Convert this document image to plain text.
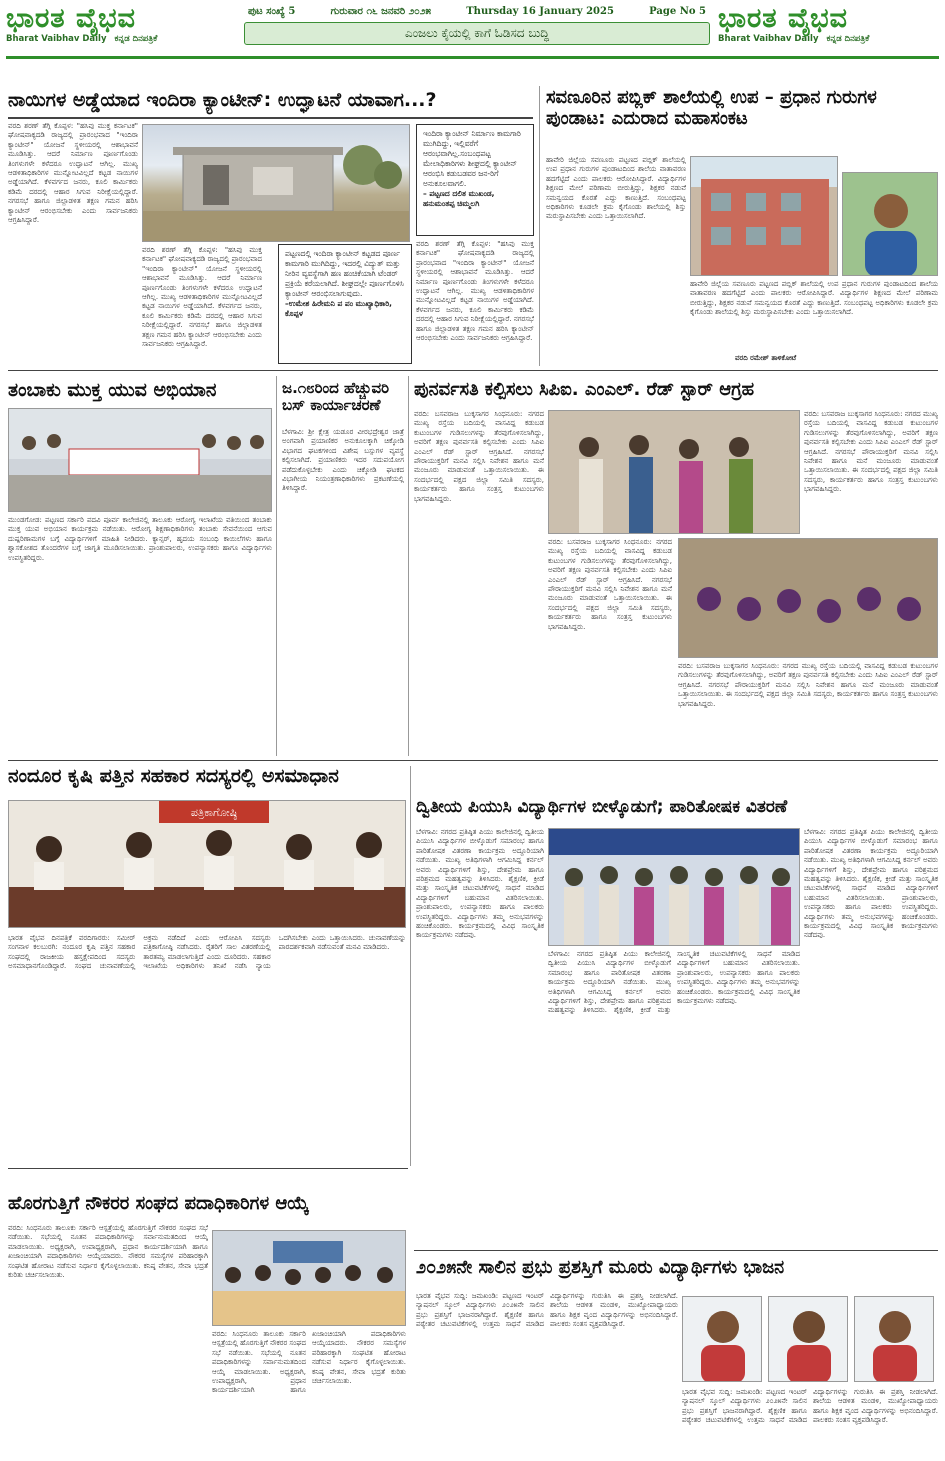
ಭಾರತ ವೈಭವ
Bharat Vaibhav Daily ಕನ್ನಡ ದಿನಪತ್ರಿಕೆ
ಪುಟ ಸಂಖ್ಯೆ 5	ಗುರುವಾರ ೧೬ ಜನವರಿ ೨೦೨೫	Thursday 16 January 2025	Page No 5
ಎಂಜಲು ಕೈಯಲ್ಲಿ ಕಾಗೆ ಓಡಿಸದ ಬುದ್ಧಿ	ಭಾರತ ವೈಭವ
Bharat Vaibhav Daily ಕನ್ನಡ ದಿನಪತ್ರಿಕೆ
ನಾಯಿಗಳ ಅಡ್ಡೆಯಾದ ಇಂದಿರಾ ಕ್ಯಾಂಟೀನ್: ಉದ್ಘಾಟನೆ ಯಾವಾಗ...?
ವರದಿ ಶರಣ್ ತೆಗ್ಗಿ ಕೊಪ್ಪಳ: "ಹಸಿವು ಮುಕ್ತ ಕರ್ನಾಟಕ" ಘೋಷವಾಕ್ಯದಡಿ ರಾಜ್ಯದಲ್ಲಿ ಪ್ರಾರಂಭವಾದ "ಇಂದಿರಾ ಕ್ಯಾಂಟೀನ್" ಯೋಜನೆ ಸ್ಥಳೀಯರಲ್ಲಿ ಆಶಾಭಾವನೆ ಮೂಡಿಸಿತ್ತು. ಆದರೆ ನಿರ್ಮಾಣ ಪೂರ್ಣಗೊಂಡು ತಿಂಗಳುಗಳೇ ಕಳೆದರೂ ಉದ್ಘಾಟನೆ ಆಗಿಲ್ಲ. ಮುಖ್ಯ ಆಡಳಿತಾಧಿಕಾರಿಗಳ ಮುನ್ನೋಟವಿಲ್ಲದೆ ಕಟ್ಟಡ ನಾಯಿಗಳ ಅಡ್ಡೆಯಾಗಿದೆ. ಕೆಳವರ್ಗದ ಜನರು, ಕೂಲಿ ಕಾರ್ಮಿಕರು ಕಡಿಮೆ ದರದಲ್ಲಿ ಆಹಾರ ಸಿಗುವ ನಿರೀಕ್ಷೆಯಲ್ಲಿದ್ದಾರೆ. ನಗರಸಭೆ ಹಾಗೂ ಜಿಲ್ಲಾಡಳಿತ ತಕ್ಷಣ ಗಮನ ಹರಿಸಿ ಕ್ಯಾಂಟೀನ್ ಆರಂಭಿಸಬೇಕು ಎಂದು ಸಾರ್ವಜನಿಕರು ಆಗ್ರಹಿಸಿದ್ದಾರೆ.
ವರದಿ ಶರಣ್ ತೆಗ್ಗಿ ಕೊಪ್ಪಳ: "ಹಸಿವು ಮುಕ್ತ ಕರ್ನಾಟಕ" ಘೋಷವಾಕ್ಯದಡಿ ರಾಜ್ಯದಲ್ಲಿ ಪ್ರಾರಂಭವಾದ "ಇಂದಿರಾ ಕ್ಯಾಂಟೀನ್" ಯೋಜನೆ ಸ್ಥಳೀಯರಲ್ಲಿ ಆಶಾಭಾವನೆ ಮೂಡಿಸಿತ್ತು. ಆದರೆ ನಿರ್ಮಾಣ ಪೂರ್ಣಗೊಂಡು ತಿಂಗಳುಗಳೇ ಕಳೆದರೂ ಉದ್ಘಾಟನೆ ಆಗಿಲ್ಲ. ಮುಖ್ಯ ಆಡಳಿತಾಧಿಕಾರಿಗಳ ಮುನ್ನೋಟವಿಲ್ಲದೆ ಕಟ್ಟಡ ನಾಯಿಗಳ ಅಡ್ಡೆಯಾಗಿದೆ. ಕೆಳವರ್ಗದ ಜನರು, ಕೂಲಿ ಕಾರ್ಮಿಕರು ಕಡಿಮೆ ದರದಲ್ಲಿ ಆಹಾರ ಸಿಗುವ ನಿರೀಕ್ಷೆಯಲ್ಲಿದ್ದಾರೆ. ನಗರಸಭೆ ಹಾಗೂ ಜಿಲ್ಲಾಡಳಿತ ತಕ್ಷಣ ಗಮನ ಹರಿಸಿ ಕ್ಯಾಂಟೀನ್ ಆರಂಭಿಸಬೇಕು ಎಂದು ಸಾರ್ವಜನಿಕರು ಆಗ್ರಹಿಸಿದ್ದಾರೆ.
ಇಂದಿರಾ ಕ್ಯಾಂಟೀನ್ ನಿರ್ಮಾಣ ಕಾಮಗಾರಿ ಮುಗಿದಿದ್ದು, ಇಲ್ಲಿವರೆಗೆ ಆರಂಭವಾಗಿಲ್ಲ.ಸಂಬಂಧಪಟ್ಟ ಮೇಲಾಧಿಕಾರಿಗಳು ಶೀಘ್ರದಲ್ಲಿ ಕ್ಯಾಂಟೀನ್ ಆರಂಭಿಸಿ ಕಡುಬಡವರ ಜನ-ರಿಗೆ ಅನುಕೂಲವಾಗಲಿ.
– ಪಟ್ಟಣದ ದಲಿತ ಮುಖಂಡ, ಹನುಮಂತಪ್ಪ ಚಿಮ್ಮಲಗಿ
ಪಟ್ಟಣದಲ್ಲಿ ಇಂದಿರಾ ಕ್ಯಾಂಟೀನ್ ಕಟ್ಟಡದ ಪೂರ್ಣ ಕಾಮಗಾರಿ ಮುಗಿದಿದ್ದು, ಇದರಲ್ಲಿ ವಿದ್ಯುತ್ ಮತ್ತು ನೀರಿನ ವ್ಯವಸ್ಥೆಗಾಗಿ ಹಣ ಹಂಚಿಕೆಯಾಗಿ ಟೆಂಡರ್ ಪ್ರಕ್ರಿಯೆ ಕರೆಯಲಾಗಿದೆ. ಶೀಘ್ರದಲ್ಲೇ ಪೂರ್ಣಗೊಳಿಸಿ ಕ್ಯಾಂಟೀನ್ ಆರಂಭಿಸಲಾಗುವುದು.
–ಉಮೇಶ ಹಿರೇಮನಿ ಪ ಪಂ ಮುಖ್ಯಾಧಿಕಾರಿ, ಕೊಪ್ಪಳ
ವರದಿ ಶರಣ್ ತೆಗ್ಗಿ ಕೊಪ್ಪಳ: "ಹಸಿವು ಮುಕ್ತ ಕರ್ನಾಟಕ" ಘೋಷವಾಕ್ಯದಡಿ ರಾಜ್ಯದಲ್ಲಿ ಪ್ರಾರಂಭವಾದ "ಇಂದಿರಾ ಕ್ಯಾಂಟೀನ್" ಯೋಜನೆ ಸ್ಥಳೀಯರಲ್ಲಿ ಆಶಾಭಾವನೆ ಮೂಡಿಸಿತ್ತು. ಆದರೆ ನಿರ್ಮಾಣ ಪೂರ್ಣಗೊಂಡು ತಿಂಗಳುಗಳೇ ಕಳೆದರೂ ಉದ್ಘಾಟನೆ ಆಗಿಲ್ಲ. ಮುಖ್ಯ ಆಡಳಿತಾಧಿಕಾರಿಗಳ ಮುನ್ನೋಟವಿಲ್ಲದೆ ಕಟ್ಟಡ ನಾಯಿಗಳ ಅಡ್ಡೆಯಾಗಿದೆ. ಕೆಳವರ್ಗದ ಜನರು, ಕೂಲಿ ಕಾರ್ಮಿಕರು ಕಡಿಮೆ ದರದಲ್ಲಿ ಆಹಾರ ಸಿಗುವ ನಿರೀಕ್ಷೆಯಲ್ಲಿದ್ದಾರೆ. ನಗರಸಭೆ ಹಾಗೂ ಜಿಲ್ಲಾಡಳಿತ ತಕ್ಷಣ ಗಮನ ಹರಿಸಿ ಕ್ಯಾಂಟೀನ್ ಆರಂಭಿಸಬೇಕು ಎಂದು ಸಾರ್ವಜನಿಕರು ಆಗ್ರಹಿಸಿದ್ದಾರೆ.
ಸವಣೂರಿನ ಪಬ್ಲಿಕ್ ಶಾಲೆಯಲ್ಲಿ ಉಪ – ಪ್ರಧಾನ ಗುರುಗಳ ಪುಂಡಾಟ: ಎದುರಾದ ಮಹಾಸಂಕಟ
ಹಾವೇರಿ ಜಿಲ್ಲೆಯ ಸವಣೂರು ಪಟ್ಟಣದ ಪಬ್ಲಿಕ್ ಶಾಲೆಯಲ್ಲಿ ಉಪ ಪ್ರಧಾನ ಗುರುಗಳ ಪುಂಡಾಟದಿಂದ ಶಾಲೆಯ ವಾತಾವರಣ ಹದಗೆಟ್ಟಿದೆ ಎಂದು ಪಾಲಕರು ಆರೋಪಿಸಿದ್ದಾರೆ. ವಿದ್ಯಾರ್ಥಿಗಳ ಶಿಕ್ಷಣದ ಮೇಲೆ ಪರಿಣಾಮ ಬೀರುತ್ತಿದ್ದು, ಶಿಕ್ಷಕರ ನಡುವೆ ಸಮನ್ವಯದ ಕೊರತೆ ಎದ್ದು ಕಾಣುತ್ತಿದೆ. ಸಂಬಂಧಪಟ್ಟ ಅಧಿಕಾರಿಗಳು ಕೂಡಲೇ ಕ್ರಮ ಕೈಗೊಂಡು ಶಾಲೆಯಲ್ಲಿ ಶಿಸ್ತು ಮರುಸ್ಥಾಪಿಸಬೇಕು ಎಂದು ಒತ್ತಾಯಿಸಲಾಗಿದೆ.
ಹಾವೇರಿ ಜಿಲ್ಲೆಯ ಸವಣೂರು ಪಟ್ಟಣದ ಪಬ್ಲಿಕ್ ಶಾಲೆಯಲ್ಲಿ ಉಪ ಪ್ರಧಾನ ಗುರುಗಳ ಪುಂಡಾಟದಿಂದ ಶಾಲೆಯ ವಾತಾವರಣ ಹದಗೆಟ್ಟಿದೆ ಎಂದು ಪಾಲಕರು ಆರೋಪಿಸಿದ್ದಾರೆ. ವಿದ್ಯಾರ್ಥಿಗಳ ಶಿಕ್ಷಣದ ಮೇಲೆ ಪರಿಣಾಮ ಬೀರುತ್ತಿದ್ದು, ಶಿಕ್ಷಕರ ನಡುವೆ ಸಮನ್ವಯದ ಕೊರತೆ ಎದ್ದು ಕಾಣುತ್ತಿದೆ. ಸಂಬಂಧಪಟ್ಟ ಅಧಿಕಾರಿಗಳು ಕೂಡಲೇ ಕ್ರಮ ಕೈಗೊಂಡು ಶಾಲೆಯಲ್ಲಿ ಶಿಸ್ತು ಮರುಸ್ಥಾಪಿಸಬೇಕು ಎಂದು ಒತ್ತಾಯಿಸಲಾಗಿದೆ.
ವರದಿ ರಮೇಶ್ ತಾಳಿಕೋಟೆ
ತಂಬಾಕು ಮುಕ್ತ ಯುವ ಅಭಿಯಾನ
ಮುಂಡಗೋಡ: ಪಟ್ಟಣದ ಸರ್ಕಾರಿ ಪದವಿ ಪೂರ್ವ ಕಾಲೇಜಿನಲ್ಲಿ ತಾಲೂಕು ಆರೋಗ್ಯ ಇಲಾಖೆಯ ವತಿಯಿಂದ ತಂಬಾಕು ಮುಕ್ತ ಯುವ ಅಭಿಯಾನ ಕಾರ್ಯಕ್ರಮ ನಡೆಯಿತು. ಆರೋಗ್ಯ ಶಿಕ್ಷಣಾಧಿಕಾರಿಗಳು ತಂಬಾಕು ಸೇವನೆಯಿಂದ ಆಗುವ ದುಷ್ಪರಿಣಾಮಗಳ ಬಗ್ಗೆ ವಿದ್ಯಾರ್ಥಿಗಳಿಗೆ ಮಾಹಿತಿ ನೀಡಿದರು. ಕ್ಯಾನ್ಸರ್, ಹೃದಯ ಸಂಬಂಧಿ ಕಾಯಿಲೆಗಳು ಹಾಗೂ ಶ್ವಾಸಕೋಶದ ತೊಂದರೆಗಳ ಬಗ್ಗೆ ಜಾಗೃತಿ ಮೂಡಿಸಲಾಯಿತು. ಪ್ರಾಂಶುಪಾಲರು, ಉಪನ್ಯಾಸಕರು ಹಾಗೂ ವಿದ್ಯಾರ್ಥಿಗಳು ಉಪಸ್ಥಿತರಿದ್ದರು.
ಜ.೧೮ರಿಂದ ಹೆಚ್ಚುವರಿ ಬಸ್ ಕಾರ್ಯಾಚರಣೆ
ಬೆಳಗಾವಿ: ಶ್ರೀ ಕ್ಷೇತ್ರ ಯಡೂರ ವೀರಭದ್ರೇಶ್ವರ ಜಾತ್ರೆ ಅಂಗವಾಗಿ ಪ್ರಯಾಣಿಕರ ಅನುಕೂಲಕ್ಕಾಗಿ ಚಿಕ್ಕೋಡಿ ವಿಭಾಗದ ಘಟಕಗಳಿಂದ ವಿಶೇಷ ಬಸ್ಸುಗಳ ವ್ಯವಸ್ಥೆ ಕಲ್ಪಿಸಲಾಗಿದೆ. ಪ್ರಯಾಣಿಕರು ಇದರ ಸದುಪಯೋಗ ಪಡೆದುಕೊಳ್ಳಬೇಕು ಎಂದು ಚಿಕ್ಕೋಡಿ ಘಟಕದ ವಿಭಾಗೀಯ ನಿಯಂತ್ರಣಾಧಿಕಾರಿಗಳು ಪ್ರಕಟಣೆಯಲ್ಲಿ ತಿಳಿಸಿದ್ದಾರೆ.
ಪುನರ್ವಸತಿ ಕಲ್ಪಿಸಲು ಸಿಪಿಐ. ಎಂಎಲ್. ರೆಡ್ ಸ್ಟಾರ್ ಆಗ್ರಹ
ವರದಿ: ಬಸವರಾಜ ಬುಕ್ಕಸಾಗರ ಸಿಂಧನೂರು: ನಗರದ ಮುಖ್ಯ ರಸ್ತೆಯ ಬದಿಯಲ್ಲಿ ವಾಸವಿದ್ದ ಕಡುಬಡ ಕುಟುಂಬಗಳ ಗುಡಿಸಲುಗಳನ್ನು ತೆರವುಗೊಳಿಸಲಾಗಿದ್ದು, ಅವರಿಗೆ ತಕ್ಷಣ ಪುನರ್ವಸತಿ ಕಲ್ಪಿಸಬೇಕು ಎಂದು ಸಿಪಿಐ ಎಂಎಲ್ ರೆಡ್ ಸ್ಟಾರ್ ಆಗ್ರಹಿಸಿದೆ. ನಗರಸಭೆ ಪೌರಾಯುಕ್ತರಿಗೆ ಮನವಿ ಸಲ್ಲಿಸಿ ನಿವೇಶನ ಹಾಗೂ ಮನೆ ಮಂಜೂರು ಮಾಡುವಂತೆ ಒತ್ತಾಯಿಸಲಾಯಿತು. ಈ ಸಂದರ್ಭದಲ್ಲಿ ಪಕ್ಷದ ಜಿಲ್ಲಾ ಸಮಿತಿ ಸದಸ್ಯರು, ಕಾರ್ಯಕರ್ತರು ಹಾಗೂ ಸಂತ್ರಸ್ತ ಕುಟುಂಬಗಳು ಭಾಗವಹಿಸಿದ್ದರು.
ವರದಿ: ಬಸವರಾಜ ಬುಕ್ಕಸಾಗರ ಸಿಂಧನೂರು: ನಗರದ ಮುಖ್ಯ ರಸ್ತೆಯ ಬದಿಯಲ್ಲಿ ವಾಸವಿದ್ದ ಕಡುಬಡ ಕುಟುಂಬಗಳ ಗುಡಿಸಲುಗಳನ್ನು ತೆರವುಗೊಳಿಸಲಾಗಿದ್ದು, ಅವರಿಗೆ ತಕ್ಷಣ ಪುನರ್ವಸತಿ ಕಲ್ಪಿಸಬೇಕು ಎಂದು ಸಿಪಿಐ ಎಂಎಲ್ ರೆಡ್ ಸ್ಟಾರ್ ಆಗ್ರಹಿಸಿದೆ. ನಗರಸಭೆ ಪೌರಾಯುಕ್ತರಿಗೆ ಮನವಿ ಸಲ್ಲಿಸಿ ನಿವೇಶನ ಹಾಗೂ ಮನೆ ಮಂಜೂರು ಮಾಡುವಂತೆ ಒತ್ತಾಯಿಸಲಾಯಿತು. ಈ ಸಂದರ್ಭದಲ್ಲಿ ಪಕ್ಷದ ಜಿಲ್ಲಾ ಸಮಿತಿ ಸದಸ್ಯರು, ಕಾರ್ಯಕರ್ತರು ಹಾಗೂ ಸಂತ್ರಸ್ತ ಕುಟುಂಬಗಳು ಭಾಗವಹಿಸಿದ್ದರು.
ವರದಿ: ಬಸವರಾಜ ಬುಕ್ಕಸಾಗರ ಸಿಂಧನೂರು: ನಗರದ ಮುಖ್ಯ ರಸ್ತೆಯ ಬದಿಯಲ್ಲಿ ವಾಸವಿದ್ದ ಕಡುಬಡ ಕುಟುಂಬಗಳ ಗುಡಿಸಲುಗಳನ್ನು ತೆರವುಗೊಳಿಸಲಾಗಿದ್ದು, ಅವರಿಗೆ ತಕ್ಷಣ ಪುನರ್ವಸತಿ ಕಲ್ಪಿಸಬೇಕು ಎಂದು ಸಿಪಿಐ ಎಂಎಲ್ ರೆಡ್ ಸ್ಟಾರ್ ಆಗ್ರಹಿಸಿದೆ. ನಗರಸಭೆ ಪೌರಾಯುಕ್ತರಿಗೆ ಮನವಿ ಸಲ್ಲಿಸಿ ನಿವೇಶನ ಹಾಗೂ ಮನೆ ಮಂಜೂರು ಮಾಡುವಂತೆ ಒತ್ತಾಯಿಸಲಾಯಿತು. ಈ ಸಂದರ್ಭದಲ್ಲಿ ಪಕ್ಷದ ಜಿಲ್ಲಾ ಸಮಿತಿ ಸದಸ್ಯರು, ಕಾರ್ಯಕರ್ತರು ಹಾಗೂ ಸಂತ್ರಸ್ತ ಕುಟುಂಬಗಳು ಭಾಗವಹಿಸಿದ್ದರು.
ವರದಿ: ಬಸವರಾಜ ಬುಕ್ಕಸಾಗರ ಸಿಂಧನೂರು: ನಗರದ ಮುಖ್ಯ ರಸ್ತೆಯ ಬದಿಯಲ್ಲಿ ವಾಸವಿದ್ದ ಕಡುಬಡ ಕುಟುಂಬಗಳ ಗುಡಿಸಲುಗಳನ್ನು ತೆರವುಗೊಳಿಸಲಾಗಿದ್ದು, ಅವರಿಗೆ ತಕ್ಷಣ ಪುನರ್ವಸತಿ ಕಲ್ಪಿಸಬೇಕು ಎಂದು ಸಿಪಿಐ ಎಂಎಲ್ ರೆಡ್ ಸ್ಟಾರ್ ಆಗ್ರಹಿಸಿದೆ. ನಗರಸಭೆ ಪೌರಾಯುಕ್ತರಿಗೆ ಮನವಿ ಸಲ್ಲಿಸಿ ನಿವೇಶನ ಹಾಗೂ ಮನೆ ಮಂಜೂರು ಮಾಡುವಂತೆ ಒತ್ತಾಯಿಸಲಾಯಿತು. ಈ ಸಂದರ್ಭದಲ್ಲಿ ಪಕ್ಷದ ಜಿಲ್ಲಾ ಸಮಿತಿ ಸದಸ್ಯರು, ಕಾರ್ಯಕರ್ತರು ಹಾಗೂ ಸಂತ್ರಸ್ತ ಕುಟುಂಬಗಳು ಭಾಗವಹಿಸಿದ್ದರು.
ನಂದೂರ ಕೃಷಿ ಪತ್ತಿನ ಸಹಕಾರ ಸದಸ್ಯರಲ್ಲಿ ಅಸಮಾಧಾನ
ಪತ್ರಿಕಾಗೋಷ್ಠಿ
ಭಾರತ ವೈಭವ ದಿನಪತ್ರಿಕೆ ವರದಿಗಾರರು: ಸಮೀರ್ ಸಂಗನಾಳ ಕಲಬುರಗಿ: ನಂದೂರ ಕೃಷಿ ಪತ್ತಿನ ಸಹಕಾರ ಸಂಘದಲ್ಲಿ ರಾಜಕೀಯ ಹಸ್ತಕ್ಷೇಪದಿಂದ ಸದಸ್ಯರು ಅಸಮಾಧಾನಗೊಂಡಿದ್ದಾರೆ. ಸಂಘದ ಚುನಾವಣೆಯಲ್ಲಿ ಅಕ್ರಮ ನಡೆದಿದೆ ಎಂದು ಆರೋಪಿಸಿ ಸದಸ್ಯರು ಪತ್ರಿಕಾಗೋಷ್ಠಿ ನಡೆಸಿದರು. ರೈತರಿಗೆ ಸಾಲ ವಿತರಣೆಯಲ್ಲಿ ತಾರತಮ್ಯ ಮಾಡಲಾಗುತ್ತಿದೆ ಎಂದು ದೂರಿದರು. ಸಹಕಾರ ಇಲಾಖೆಯ ಅಧಿಕಾರಿಗಳು ತನಿಖೆ ನಡೆಸಿ ನ್ಯಾಯ ಒದಗಿಸಬೇಕು ಎಂದು ಒತ್ತಾಯಿಸಿದರು. ಚುನಾವಣೆಯನ್ನು ಪಾರದರ್ಶಕವಾಗಿ ನಡೆಸುವಂತೆ ಮನವಿ ಮಾಡಿದರು.
ದ್ವಿತೀಯ ಪಿಯುಸಿ ವಿದ್ಯಾರ್ಥಿಗಳ ಬೀಳ್ಕೊಡುಗೆ; ಪಾರಿತೋಷಕ ವಿತರಣೆ
ಬೆಳಗಾವಿ: ನಗರದ ಪ್ರತಿಷ್ಠಿತ ಪಿಯು ಕಾಲೇಜಿನಲ್ಲಿ ದ್ವಿತೀಯ ಪಿಯುಸಿ ವಿದ್ಯಾರ್ಥಿಗಳ ಬೀಳ್ಕೊಡುಗೆ ಸಮಾರಂಭ ಹಾಗೂ ಪಾರಿತೋಷಕ ವಿತರಣಾ ಕಾರ್ಯಕ್ರಮ ಅದ್ದೂರಿಯಾಗಿ ನಡೆಯಿತು. ಮುಖ್ಯ ಅತಿಥಿಗಳಾಗಿ ಆಗಮಿಸಿದ್ದ ಕರ್ನಲ್ ಅವರು ವಿದ್ಯಾರ್ಥಿಗಳಿಗೆ ಶಿಸ್ತು, ದೇಶಪ್ರೇಮ ಹಾಗೂ ಪರಿಶ್ರಮದ ಮಹತ್ವವನ್ನು ತಿಳಿಸಿದರು. ಶೈಕ್ಷಣಿಕ, ಕ್ರೀಡೆ ಮತ್ತು ಸಾಂಸ್ಕೃತಿಕ ಚಟುವಟಿಕೆಗಳಲ್ಲಿ ಸಾಧನೆ ಮಾಡಿದ ವಿದ್ಯಾರ್ಥಿಗಳಿಗೆ ಬಹುಮಾನ ವಿತರಿಸಲಾಯಿತು. ಪ್ರಾಂಶುಪಾಲರು, ಉಪನ್ಯಾಸಕರು ಹಾಗೂ ಪಾಲಕರು ಉಪಸ್ಥಿತರಿದ್ದರು. ವಿದ್ಯಾರ್ಥಿಗಳು ತಮ್ಮ ಅನುಭವಗಳನ್ನು ಹಂಚಿಕೊಂಡರು. ಕಾರ್ಯಕ್ರಮದಲ್ಲಿ ವಿವಿಧ ಸಾಂಸ್ಕೃತಿಕ ಕಾರ್ಯಕ್ರಮಗಳು ನಡೆದವು.
ಬೆಳಗಾವಿ: ನಗರದ ಪ್ರತಿಷ್ಠಿತ ಪಿಯು ಕಾಲೇಜಿನಲ್ಲಿ ದ್ವಿತೀಯ ಪಿಯುಸಿ ವಿದ್ಯಾರ್ಥಿಗಳ ಬೀಳ್ಕೊಡುಗೆ ಸಮಾರಂಭ ಹಾಗೂ ಪಾರಿತೋಷಕ ವಿತರಣಾ ಕಾರ್ಯಕ್ರಮ ಅದ್ದೂರಿಯಾಗಿ ನಡೆಯಿತು. ಮುಖ್ಯ ಅತಿಥಿಗಳಾಗಿ ಆಗಮಿಸಿದ್ದ ಕರ್ನಲ್ ಅವರು ವಿದ್ಯಾರ್ಥಿಗಳಿಗೆ ಶಿಸ್ತು, ದೇಶಪ್ರೇಮ ಹಾಗೂ ಪರಿಶ್ರಮದ ಮಹತ್ವವನ್ನು ತಿಳಿಸಿದರು. ಶೈಕ್ಷಣಿಕ, ಕ್ರೀಡೆ ಮತ್ತು ಸಾಂಸ್ಕೃತಿಕ ಚಟುವಟಿಕೆಗಳಲ್ಲಿ ಸಾಧನೆ ಮಾಡಿದ ವಿದ್ಯಾರ್ಥಿಗಳಿಗೆ ಬಹುಮಾನ ವಿತರಿಸಲಾಯಿತು. ಪ್ರಾಂಶುಪಾಲರು, ಉಪನ್ಯಾಸಕರು ಹಾಗೂ ಪಾಲಕರು ಉಪಸ್ಥಿತರಿದ್ದರು. ವಿದ್ಯಾರ್ಥಿಗಳು ತಮ್ಮ ಅನುಭವಗಳನ್ನು ಹಂಚಿಕೊಂಡರು. ಕಾರ್ಯಕ್ರಮದಲ್ಲಿ ವಿವಿಧ ಸಾಂಸ್ಕೃತಿಕ ಕಾರ್ಯಕ್ರಮಗಳು ನಡೆದವು.
ಬೆಳಗಾವಿ: ನಗರದ ಪ್ರತಿಷ್ಠಿತ ಪಿಯು ಕಾಲೇಜಿನಲ್ಲಿ ದ್ವಿತೀಯ ಪಿಯುಸಿ ವಿದ್ಯಾರ್ಥಿಗಳ ಬೀಳ್ಕೊಡುಗೆ ಸಮಾರಂಭ ಹಾಗೂ ಪಾರಿತೋಷಕ ವಿತರಣಾ ಕಾರ್ಯಕ್ರಮ ಅದ್ದೂರಿಯಾಗಿ ನಡೆಯಿತು. ಮುಖ್ಯ ಅತಿಥಿಗಳಾಗಿ ಆಗಮಿಸಿದ್ದ ಕರ್ನಲ್ ಅವರು ವಿದ್ಯಾರ್ಥಿಗಳಿಗೆ ಶಿಸ್ತು, ದೇಶಪ್ರೇಮ ಹಾಗೂ ಪರಿಶ್ರಮದ ಮಹತ್ವವನ್ನು ತಿಳಿಸಿದರು. ಶೈಕ್ಷಣಿಕ, ಕ್ರೀಡೆ ಮತ್ತು ಸಾಂಸ್ಕೃತಿಕ ಚಟುವಟಿಕೆಗಳಲ್ಲಿ ಸಾಧನೆ ಮಾಡಿದ ವಿದ್ಯಾರ್ಥಿಗಳಿಗೆ ಬಹುಮಾನ ವಿತರಿಸಲಾಯಿತು. ಪ್ರಾಂಶುಪಾಲರು, ಉಪನ್ಯಾಸಕರು ಹಾಗೂ ಪಾಲಕರು ಉಪಸ್ಥಿತರಿದ್ದರು. ವಿದ್ಯಾರ್ಥಿಗಳು ತಮ್ಮ ಅನುಭವಗಳನ್ನು ಹಂಚಿಕೊಂಡರು. ಕಾರ್ಯಕ್ರಮದಲ್ಲಿ ವಿವಿಧ ಸಾಂಸ್ಕೃತಿಕ ಕಾರ್ಯಕ್ರಮಗಳು ನಡೆದವು.
ಹೊರಗುತ್ತಿಗೆ ನೌಕರರ ಸಂಘದ ಪದಾಧಿಕಾರಿಗಳ ಆಯ್ಕೆ
ವರದಿ: ಸಿಂಧನೂರು ತಾಲೂಕು ಸರ್ಕಾರಿ ಆಸ್ಪತ್ರೆಯಲ್ಲಿ ಹೊರಗುತ್ತಿಗೆ ನೌಕರರ ಸಂಘದ ಸಭೆ ನಡೆಯಿತು. ಸಭೆಯಲ್ಲಿ ನೂತನ ಪದಾಧಿಕಾರಿಗಳನ್ನು ಸರ್ವಾನುಮತದಿಂದ ಆಯ್ಕೆ ಮಾಡಲಾಯಿತು. ಅಧ್ಯಕ್ಷರಾಗಿ, ಉಪಾಧ್ಯಕ್ಷರಾಗಿ, ಪ್ರಧಾನ ಕಾರ್ಯದರ್ಶಿಯಾಗಿ ಹಾಗೂ ಖಜಾಂಚಿಯಾಗಿ ಪದಾಧಿಕಾರಿಗಳು ಆಯ್ಕೆಯಾದರು. ನೌಕರರ ಸಮಸ್ಯೆಗಳ ಪರಿಹಾರಕ್ಕಾಗಿ ಸಂಘಟಿತ ಹೋರಾಟ ನಡೆಸುವ ನಿರ್ಧಾರ ಕೈಗೊಳ್ಳಲಾಯಿತು. ಕನಿಷ್ಠ ವೇತನ, ಸೇವಾ ಭದ್ರತೆ ಕುರಿತು ಚರ್ಚಿಸಲಾಯಿತು.
ವರದಿ: ಸಿಂಧನೂರು ತಾಲೂಕು ಸರ್ಕಾರಿ ಆಸ್ಪತ್ರೆಯಲ್ಲಿ ಹೊರಗುತ್ತಿಗೆ ನೌಕರರ ಸಂಘದ ಸಭೆ ನಡೆಯಿತು. ಸಭೆಯಲ್ಲಿ ನೂತನ ಪದಾಧಿಕಾರಿಗಳನ್ನು ಸರ್ವಾನುಮತದಿಂದ ಆಯ್ಕೆ ಮಾಡಲಾಯಿತು. ಅಧ್ಯಕ್ಷರಾಗಿ, ಉಪಾಧ್ಯಕ್ಷರಾಗಿ, ಪ್ರಧಾನ ಕಾರ್ಯದರ್ಶಿಯಾಗಿ ಹಾಗೂ ಖಜಾಂಚಿಯಾಗಿ ಪದಾಧಿಕಾರಿಗಳು ಆಯ್ಕೆಯಾದರು. ನೌಕರರ ಸಮಸ್ಯೆಗಳ ಪರಿಹಾರಕ್ಕಾಗಿ ಸಂಘಟಿತ ಹೋರಾಟ ನಡೆಸುವ ನಿರ್ಧಾರ ಕೈಗೊಳ್ಳಲಾಯಿತು. ಕನಿಷ್ಠ ವೇತನ, ಸೇವಾ ಭದ್ರತೆ ಕುರಿತು ಚರ್ಚಿಸಲಾಯಿತು.
೨೦೨೫ನೇ ಸಾಲಿನ ಪ್ರಭು ಪ್ರಶಸ್ತಿಗೆ ಮೂರು ವಿದ್ಯಾರ್ಥಿಗಳು ಭಾಜನ
ಭಾರತ ವೈಭವ ಸುದ್ದಿ: ಜಮಖಂಡಿ: ಪಟ್ಟಣದ ಇಂಟರ್ ನ್ಯಾಷನಲ್ ಸ್ಕೂಲ್ ವಿದ್ಯಾರ್ಥಿಗಳು ೨೦೨೫ನೇ ಸಾಲಿನ ಪ್ರಭು ಪ್ರಶಸ್ತಿಗೆ ಭಾಜನರಾಗಿದ್ದಾರೆ. ಶೈಕ್ಷಣಿಕ ಹಾಗೂ ಪಠ್ಯೇತರ ಚಟುವಟಿಕೆಗಳಲ್ಲಿ ಉತ್ತಮ ಸಾಧನೆ ಮಾಡಿದ ವಿದ್ಯಾರ್ಥಿಗಳನ್ನು ಗುರುತಿಸಿ ಈ ಪ್ರಶಸ್ತಿ ನೀಡಲಾಗಿದೆ. ಶಾಲೆಯ ಆಡಳಿತ ಮಂಡಳಿ, ಮುಖ್ಯೋಪಾಧ್ಯಾಯರು ಹಾಗೂ ಶಿಕ್ಷಕ ವೃಂದ ವಿದ್ಯಾರ್ಥಿಗಳನ್ನು ಅಭಿನಂದಿಸಿದ್ದಾರೆ. ಪಾಲಕರು ಸಂತಸ ವ್ಯಕ್ತಪಡಿಸಿದ್ದಾರೆ.
ಭಾರತ ವೈಭವ ಸುದ್ದಿ: ಜಮಖಂಡಿ: ಪಟ್ಟಣದ ಇಂಟರ್ ನ್ಯಾಷನಲ್ ಸ್ಕೂಲ್ ವಿದ್ಯಾರ್ಥಿಗಳು ೨೦೨೫ನೇ ಸಾಲಿನ ಪ್ರಭು ಪ್ರಶಸ್ತಿಗೆ ಭಾಜನರಾಗಿದ್ದಾರೆ. ಶೈಕ್ಷಣಿಕ ಹಾಗೂ ಪಠ್ಯೇತರ ಚಟುವಟಿಕೆಗಳಲ್ಲಿ ಉತ್ತಮ ಸಾಧನೆ ಮಾಡಿದ ವಿದ್ಯಾರ್ಥಿಗಳನ್ನು ಗುರುತಿಸಿ ಈ ಪ್ರಶಸ್ತಿ ನೀಡಲಾಗಿದೆ. ಶಾಲೆಯ ಆಡಳಿತ ಮಂಡಳಿ, ಮುಖ್ಯೋಪಾಧ್ಯಾಯರು ಹಾಗೂ ಶಿಕ್ಷಕ ವೃಂದ ವಿದ್ಯಾರ್ಥಿಗಳನ್ನು ಅಭಿನಂದಿಸಿದ್ದಾರೆ. ಪಾಲಕರು ಸಂತಸ ವ್ಯಕ್ತಪಡಿಸಿದ್ದಾರೆ.
